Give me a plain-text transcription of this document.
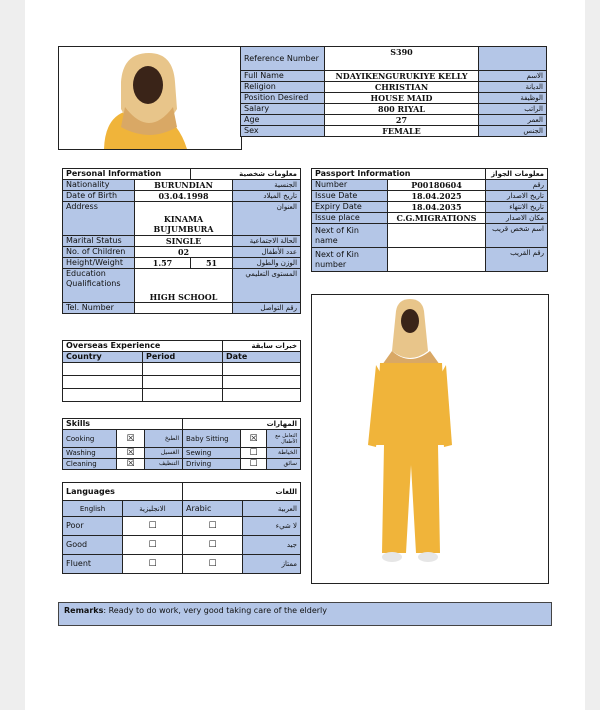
Reference Number	S390	
Full Name	NDAYIKENGURUKIYE KELLY	الاسم
Religion	CHRISTIAN	الديانة
Position Desired	HOUSE MAID	الوظيفة
Salary	800 RIYAL	الراتب
Age	27	العمر
Sex	FEMALE	الجنس
Personal Information		معلومات شخصية	
Nationality	BURUNDIAN		الجنسية
Date of Birth	03.04.1998		تاريخ الميلاد
Address	KINAMA BUJUMBURA		العنوان
Marital Status	SINGLE		الحالة الاجتماعية
No. of Children	02		عدد الأطفال
Height/Weight	1.57	51	الوزن والطول
Education Qualifications	HIGH SCHOOL		المستوى التعليمي
Tel. Number			رقم التواصل
Passport Information		معلومات الجواز
Number	P00180604	رقم
Issue Date	18.04.2025	تاريخ الاصدار
Expiry Date	18.04.2035	تاريخ الانتهاء
Issue place	C.G.MIGRATIONS	مكان الاصدار
Next of Kin name		اسم شخص قريب
Next of Kin number		رقم القريب
Overseas Experience		خبرات سابقة
Country	Period	Date

Skills			المهارات		
Cooking	☒	الطبخ	Baby Sitting	☒	التعامل مع الأطفال
Washing	☒	الغسيل	Sewing	☐	الخياطة
Cleaning	☒	التنظيف	Driving	☐	سائق
Languages		اللغات	
English	الانجليزية	Arabic	العربية
Poor	☐	☐	لا شيء
Good	☐	☐	جيد
Fluent	☐	☐	ممتاز
Remarks: Ready to do work, very good taking care of the elderly
